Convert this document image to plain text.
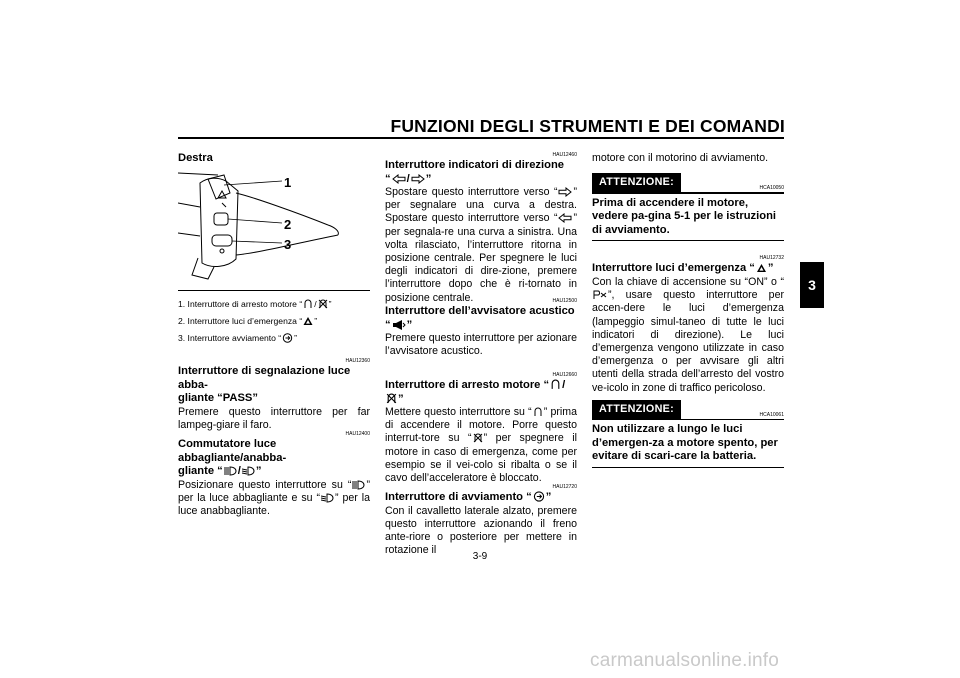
FUNZIONI DEGLI STRUMENTI E DEI COMANDI
3
Destra
1
2
3
1. Interruttore di arresto motore “ / ”
2. Interruttore luci d’emergenza “ ”
3. Interruttore avviamento “ ”
HAU12360
Interruttore di segnalazione luce abba-
gliante “PASS”
Premere questo interruttore per far lampeg-giare il faro.
HAU12400
Commutatore luce abbagliante/anabba-
gliante “ / ”
Posizionare questo interruttore su “ ” per la luce abbagliante e su “ ” per la luce anabbagliante.
HAU12460
Interruttore indicatori di direzione
“ / ”
Spostare questo interruttore verso “ ” per segnalare una curva a destra. Spostare questo interruttore verso “ ” per segnala-re una curva a sinistra. Una volta rilasciato, l’interruttore ritorna in posizione centrale. Per spegnere le luci degli indicatori di dire-zione, premere l’interruttore dopo che è ri-tornato in posizione centrale.	HAU12500
Interruttore dell’avvisatore acustico
“ ”
Premere questo interruttore per azionare l’avvisatore acustico.
HAU12660
Interruttore di arresto motore “ /”
Mettere questo interruttore su “ ” prima di accendere il motore. Porre questo interrut-tore su “ ” per spegnere il motore in caso di emergenza, come per esempio se il vei-colo si ribalta o se il cavo dell’acceleratore è bloccato.
HAU12720
Interruttore di avviamento “ ”
Con il cavalletto laterale alzato, premere questo interruttore azionando il freno ante-riore o posteriore per mettere in rotazione il
motore con il motorino di avviamento.
ATTENZIONE:
HCA10050
Prima di accendere il motore, vedere pa-gina 5-1 per le istruzioni di avviamento.
HAU12732
Interruttore luci d’emergenza “ ”
Con la chiave di accensione su “ON” o “”, usare questo interruttore per accen-dere le luci d’emergenza (lampeggio simul-taneo di tutte le luci indicatori di direzione). Le luci d’emergenza vengono utilizzate in caso d’emergenza o per avvisare gli altri utenti della strada dell’arresto del vostro ve-icolo in zone di traffico pericoloso.
ATTENZIONE:
HCA10061
Non utilizzare a lungo le luci d’emergen-za a motore spento, per evitare di scari-care la batteria.
3-9
carmanualsonline.info
